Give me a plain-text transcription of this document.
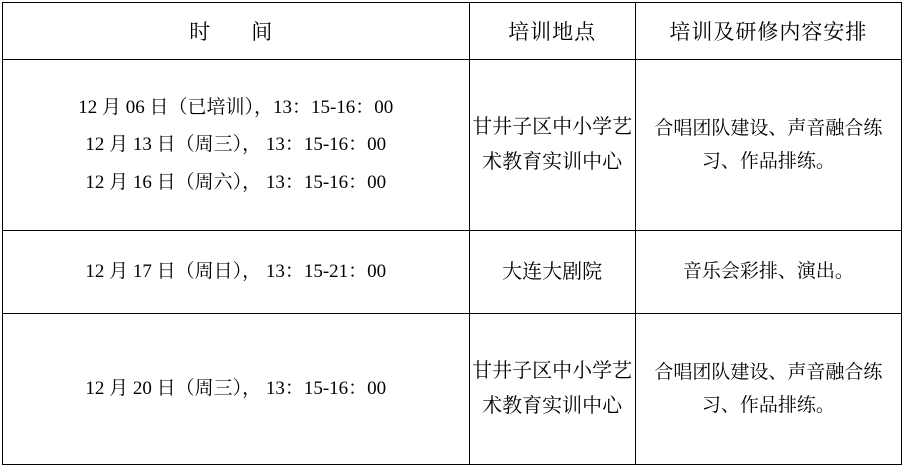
时　间	培训地点	培训及研修内容安排

12 月 06 日（已培训），13：15-16：00
12 月 13 日（周三）， 13：15-16：00
12 月 16 日（周六）， 13：15-16：00	甘井子区中小学艺术教育实训中心	合唱团队建设、声音融合练习、作品排练。

12 月 17 日（周日）， 13：15-21：00	大连大剧院	音乐会彩排、演出。

12 月 20 日（周三）， 13：15-16：00	甘井子区中小学艺术教育实训中心	合唱团队建设、声音融合练习、作品排练。
